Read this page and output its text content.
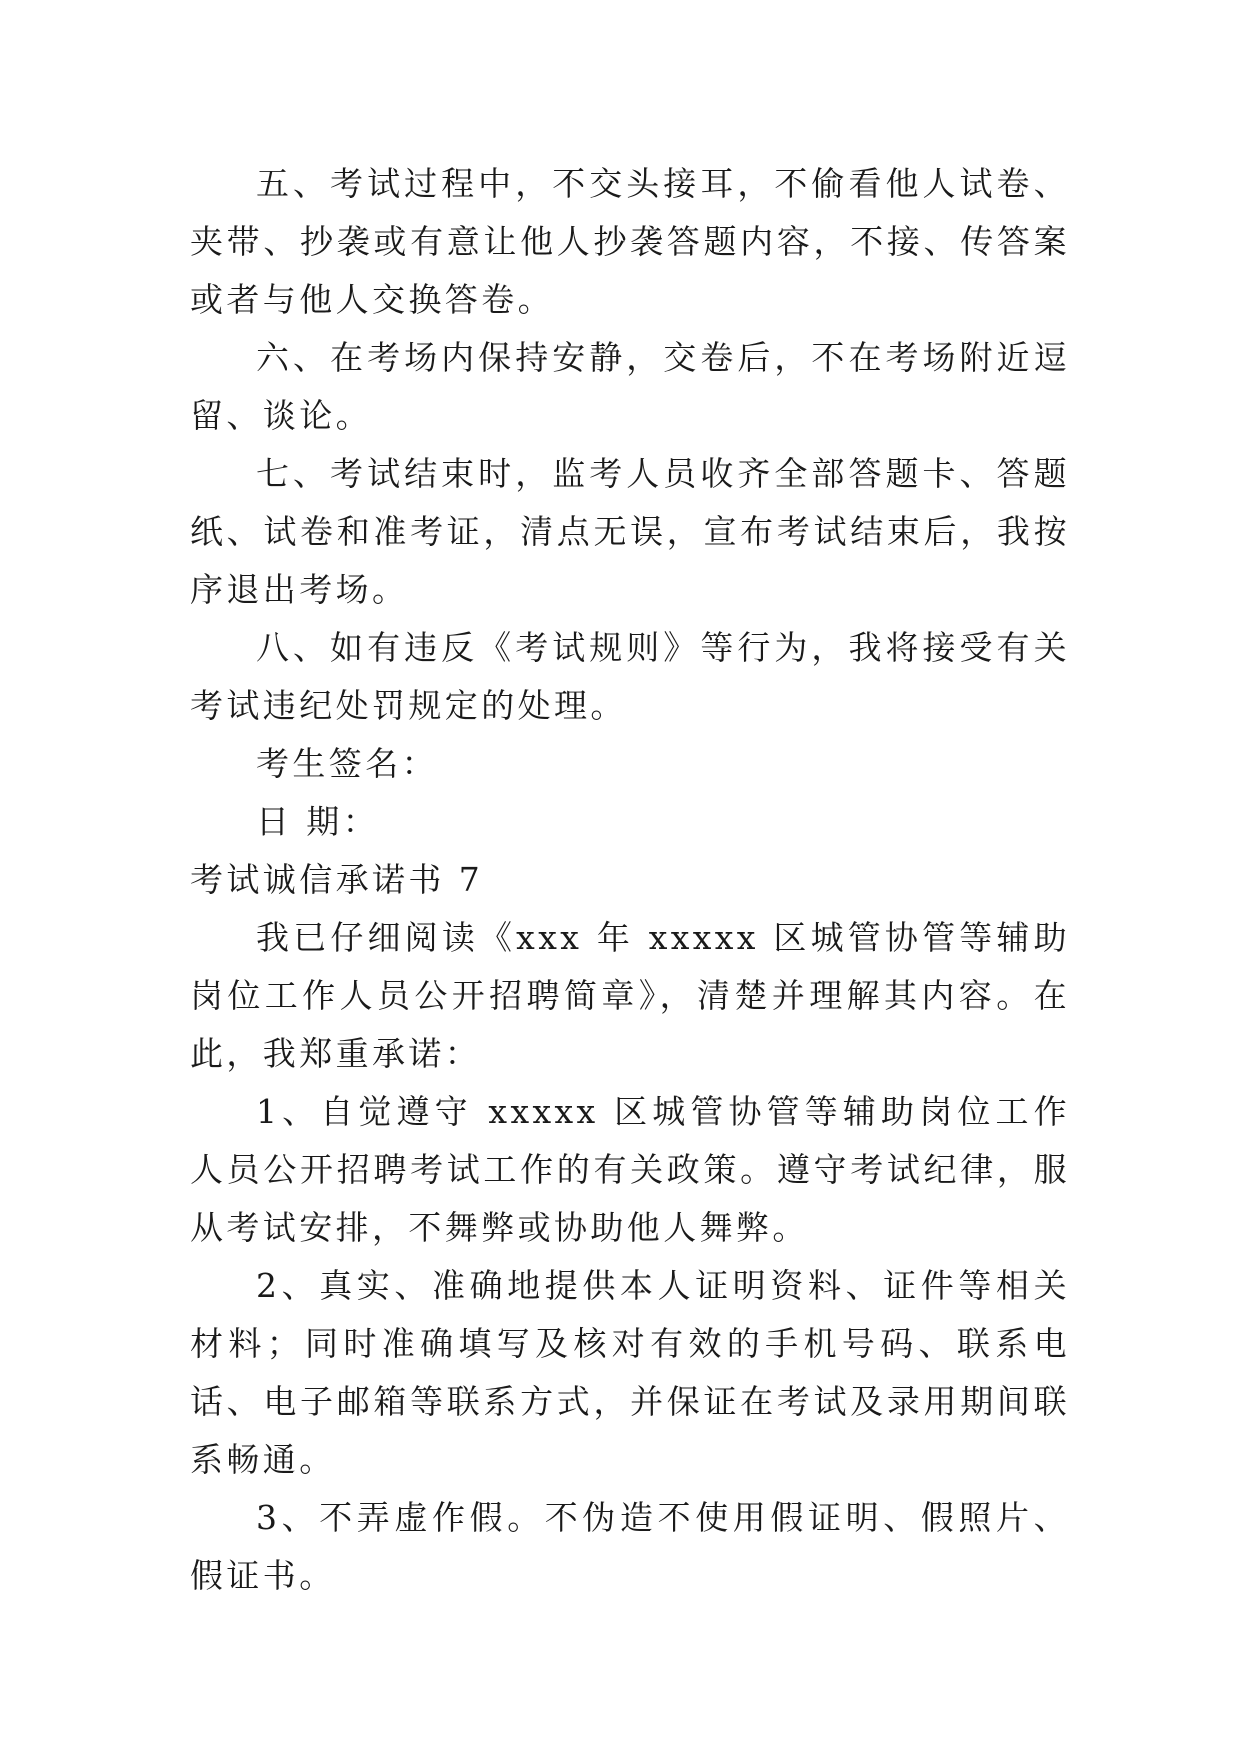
五、考试过程中，不交头接耳，不偷看他人试卷、夹带、抄袭或有意让他人抄袭答题内容，不接、传答案或者与他人交换答卷。

六、在考场内保持安静，交卷后，不在考场附近逗留、谈论。

七、考试结束时，监考人员收齐全部答题卡、答题纸、试卷和准考证，清点无误，宣布考试结束后，我按序退出考场。

八、如有违反《考试规则》等行为，我将接受有关考试违纪处罚规定的处理。

考生签名：

日 期：

考试诚信承诺书 7

我已仔细阅读《xxx 年 xxxxx 区城管协管等辅助岗位工作人员公开招聘简章》，清楚并理解其内容。在此，我郑重承诺：

1、自觉遵守 xxxxx 区城管协管等辅助岗位工作人员公开招聘考试工作的有关政策。遵守考试纪律，服从考试安排，不舞弊或协助他人舞弊。

2、真实、准确地提供本人证明资料、证件等相关材料；同时准确填写及核对有效的手机号码、联系电话、电子邮箱等联系方式，并保证在考试及录用期间联系畅通。

3、不弄虚作假。不伪造不使用假证明、假照片、假证书。
